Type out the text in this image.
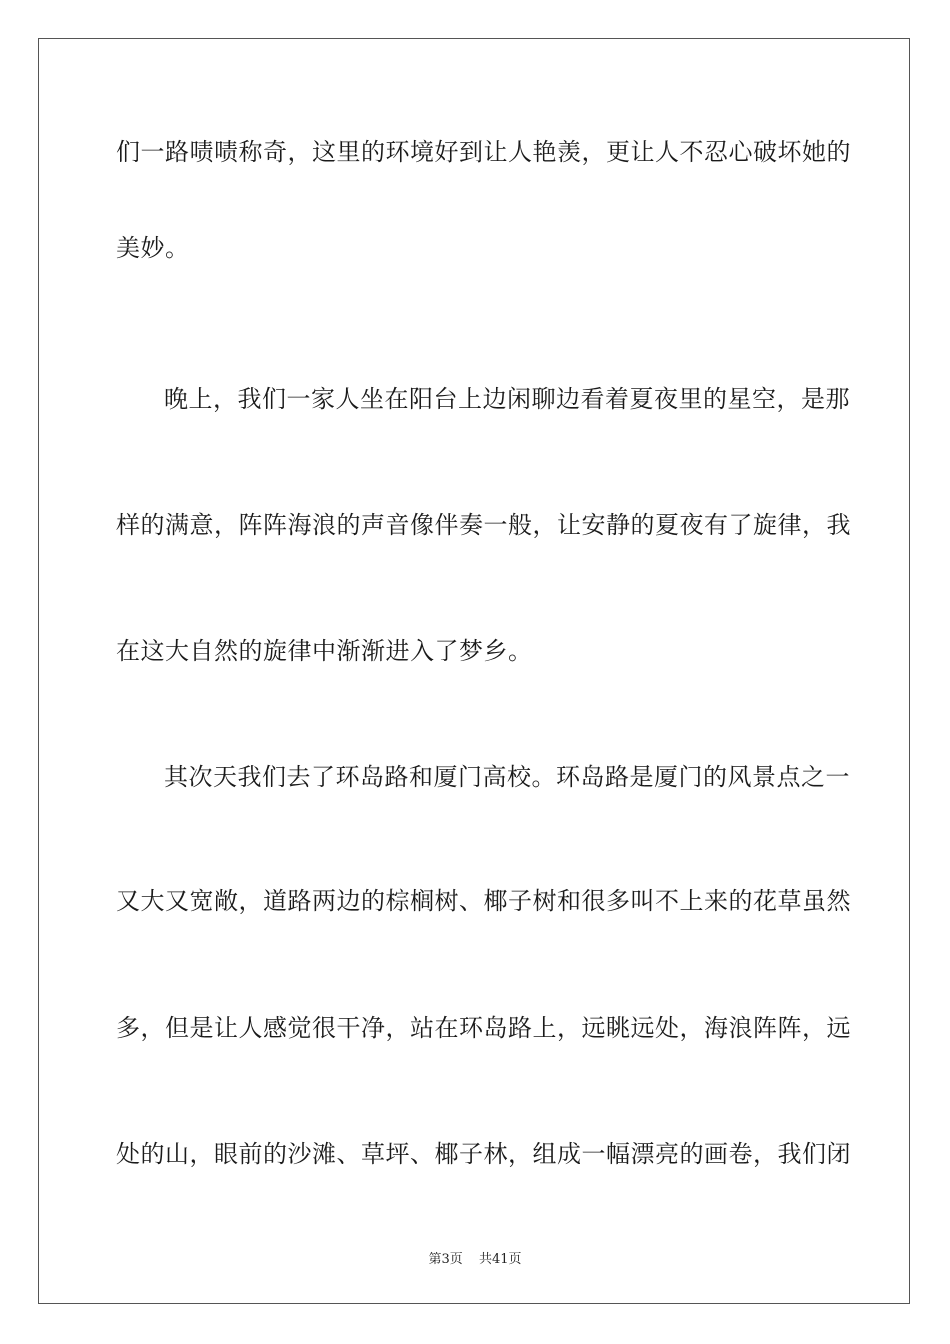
们一路啧啧称奇，这里的环境好到让人艳羡，更让人不忍心破坏她的
美妙。
晚上，我们一家人坐在阳台上边闲聊边看着夏夜里的星空，是那
样的满意，阵阵海浪的声音像伴奏一般，让安静的夏夜有了旋律，我
在这大自然的旋律中渐渐进入了梦乡。
其次天我们去了环岛路和厦门高校。环岛路是厦门的风景点之一
又大又宽敞，道路两边的棕榈树、椰子树和很多叫不上来的花草虽然
多，但是让人感觉很干净，站在环岛路上，远眺远处，海浪阵阵，远
处的山，眼前的沙滩、草坪、椰子林，组成一幅漂亮的画卷，我们闭
第3页 共41页
